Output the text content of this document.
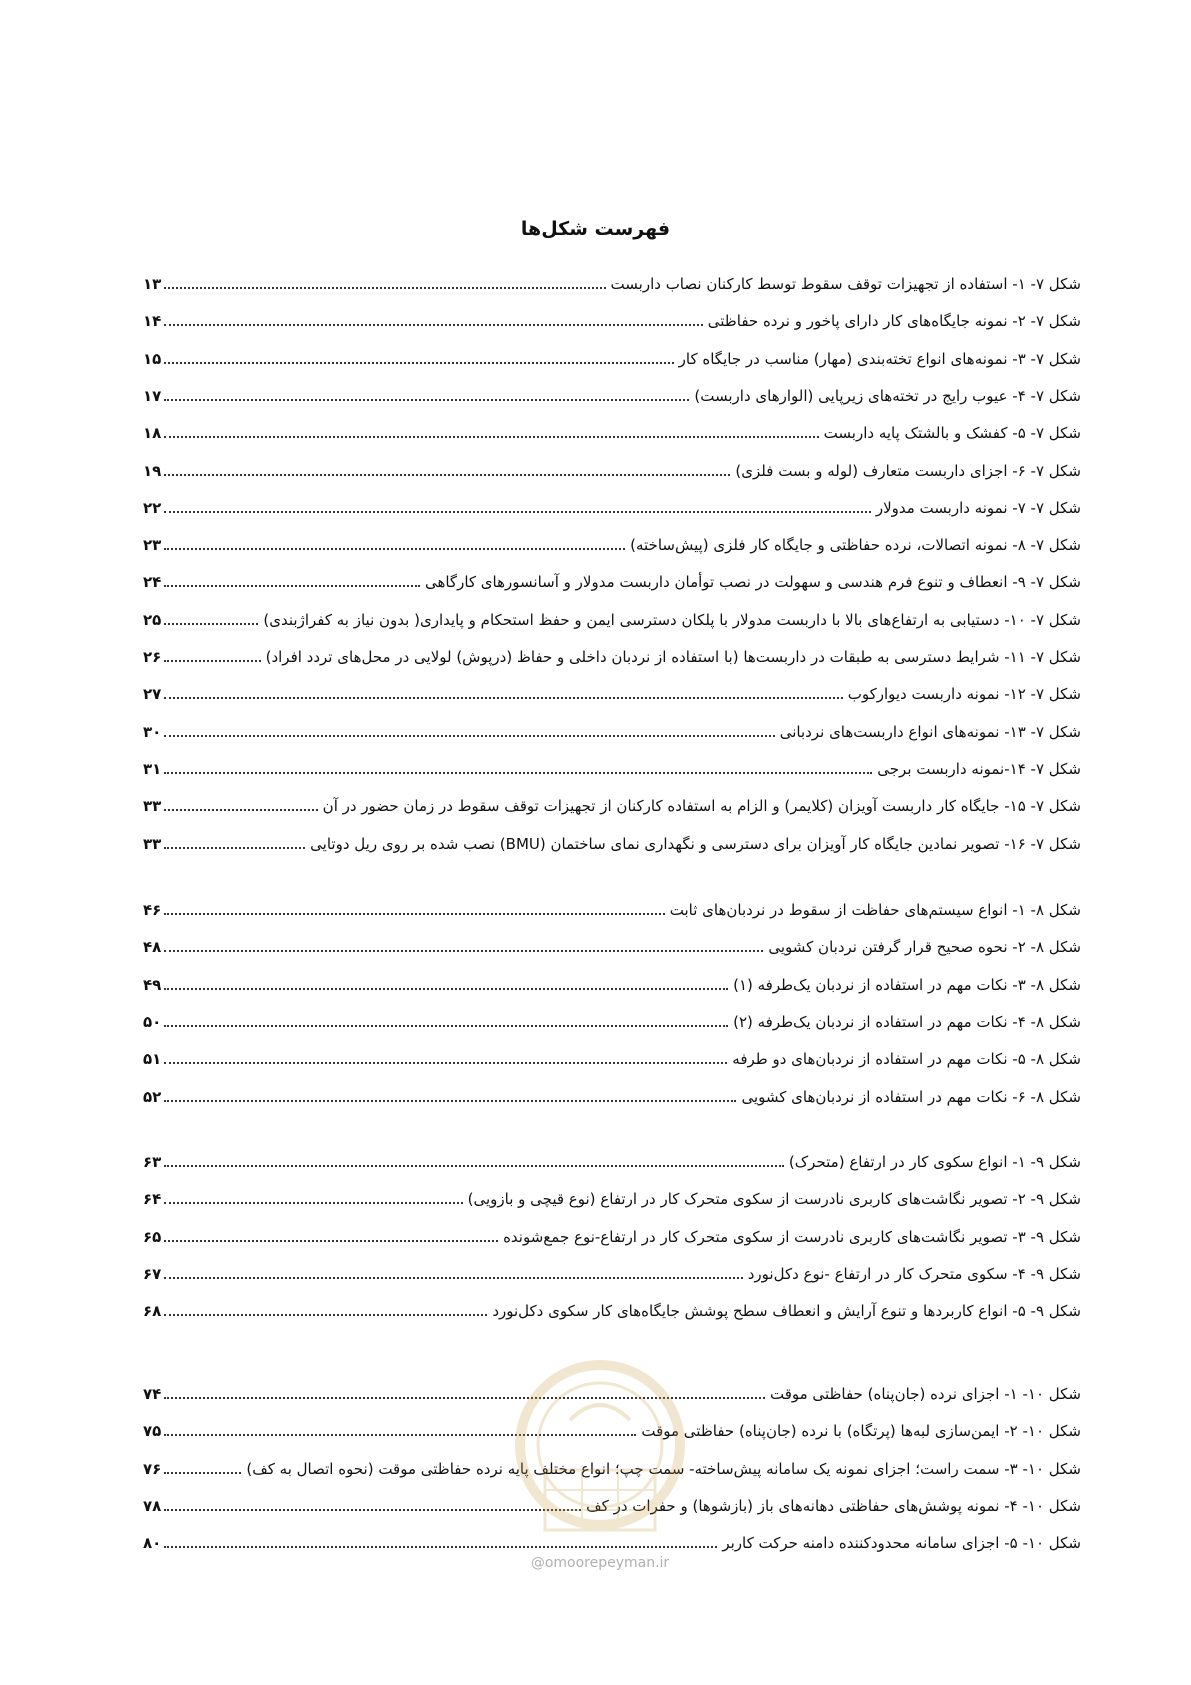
فهرست شکل‌ها
شکل ۷- ۱- استفاده از تجهیزات توقف سقوط توسط کارکنان نصاب داربست
۱۳
شکل ۷- ۲- نمونه جایگاه‌های کار دارای پاخور و نرده حفاظتی
۱۴
شکل ۷- ۳- نمونه‌های انواع تخته‌بندی (مهار) مناسب در جایگاه کار
۱۵
شکل ۷- ۴- عیوب رایج در تخته‌های زیرپایی (الوارهای داربست)
۱۷
شکل ۷- ۵- کفشک و بالشتک پایه داربست
۱۸
شکل ۷- ۶- اجزای داربست متعارف (لوله و بست فلزی)
۱۹
شکل ۷- ۷- نمونه داربست مدولار
۲۲
شکل ۷- ۸- نمونه اتصالات، نرده حفاظتی و جایگاه کار فلزی (پیش‌ساخته)
۲۳
شکل ۷- ۹- انعطاف و تنوع فرم هندسی و سهولت در نصب توأمان داربست مدولار و آسانسورهای کارگاهی
۲۴
شکل ۷- ۱۰- دستیابی به ارتفاع‌های بالا با داربست مدولار با پلکان دسترسی ایمن و حفظ استحکام و پایداری( بدون نیاز به کفراژبندی)
۲۵
شکل ۷- ۱۱- شرایط دسترسی به طبقات در داربست‌ها (با استفاده از نردبان داخلی و حفاظ (درپوش) لولایی در محل‌های تردد افراد)
۲۶
شکل ۷- ۱۲- نمونه داربست دیوارکوب
۲۷
شکل ۷- ۱۳- نمونه‌های انواع داربست‌های نردبانی
۳۰
شکل ۷- ۱۴-نمونه داربست برجی
۳۱
شکل ۷- ۱۵- جایگاه کار داربست آویزان (کلایمر) و الزام به استفاده کارکنان از تجهیزات توقف سقوط در زمان حضور در آن
۳۳
شکل ۷- ۱۶- تصویر نمادین جایگاه کار آویزان برای دسترسی و نگهداری نمای ساختمان (BMU) نصب شده بر روی ریل دوتایی
۳۳
شکل ۸- ۱- انواع سیستم‌های حفاظت از سقوط در نردبان‌های ثابت
۴۶
شکل ۸- ۲- نحوه صحیح قرار گرفتن نردبان کشویی
۴۸
شکل ۸- ۳- نکات مهم در استفاده از نردبان یک‌طرفه (۱)
۴۹
شکل ۸- ۴- نکات مهم در استفاده از نردبان یک‌طرفه (۲)
۵۰
شکل ۸- ۵- نکات مهم در استفاده از نردبان‌های دو طرفه
۵۱
شکل ۸- ۶- نکات مهم در استفاده از نردبان‌های کشویی
۵۲
شکل ۹- ۱- انواع سکوی کار در ارتفاع (متحرک)
۶۳
شکل ۹- ۲- تصویر نگاشت‌های کاربری نادرست از سکوی متحرک کار در ارتفاع (نوع قیچی و بازویی)
۶۴
شکل ۹- ۳- تصویر نگاشت‌های کاربری نادرست از سکوی متحرک کار در ارتفاع-نوع جمع‌شونده
۶۵
شکل ۹- ۴- سکوی متحرک کار در ارتفاع -نوع دکل‌نورد
۶۷
شکل ۹- ۵- انواع کاربردها و تنوع آرایش و انعطاف سطح پوشش جایگاه‌های کار سکوی دکل‌نورد
۶۸
شکل ۱۰- ۱- اجزای نرده (جان‌پناه) حفاظتی موقت
۷۴
شکل ۱۰- ۲- ایمن‌سازی لبه‌ها (پرتگاه) با نرده (جان‌پناه) حفاظتی موقت
۷۵
شکل ۱۰- ۳- سمت راست؛ اجزای نمونه یک سامانه پیش‌ساخته- سمت چپ؛ انواع مختلف پایه نرده حفاظتی موقت (نحوه اتصال به کف)
۷۶
شکل ۱۰- ۴- نمونه پوشش‌های حفاظتی دهانه‌های باز (بازشوها) و حفرات در کف
۷۸
شکل ۱۰- ۵- اجزای سامانه محدودکننده دامنه حرکت کاربر
۸۰
@omoorepeyman.ir
